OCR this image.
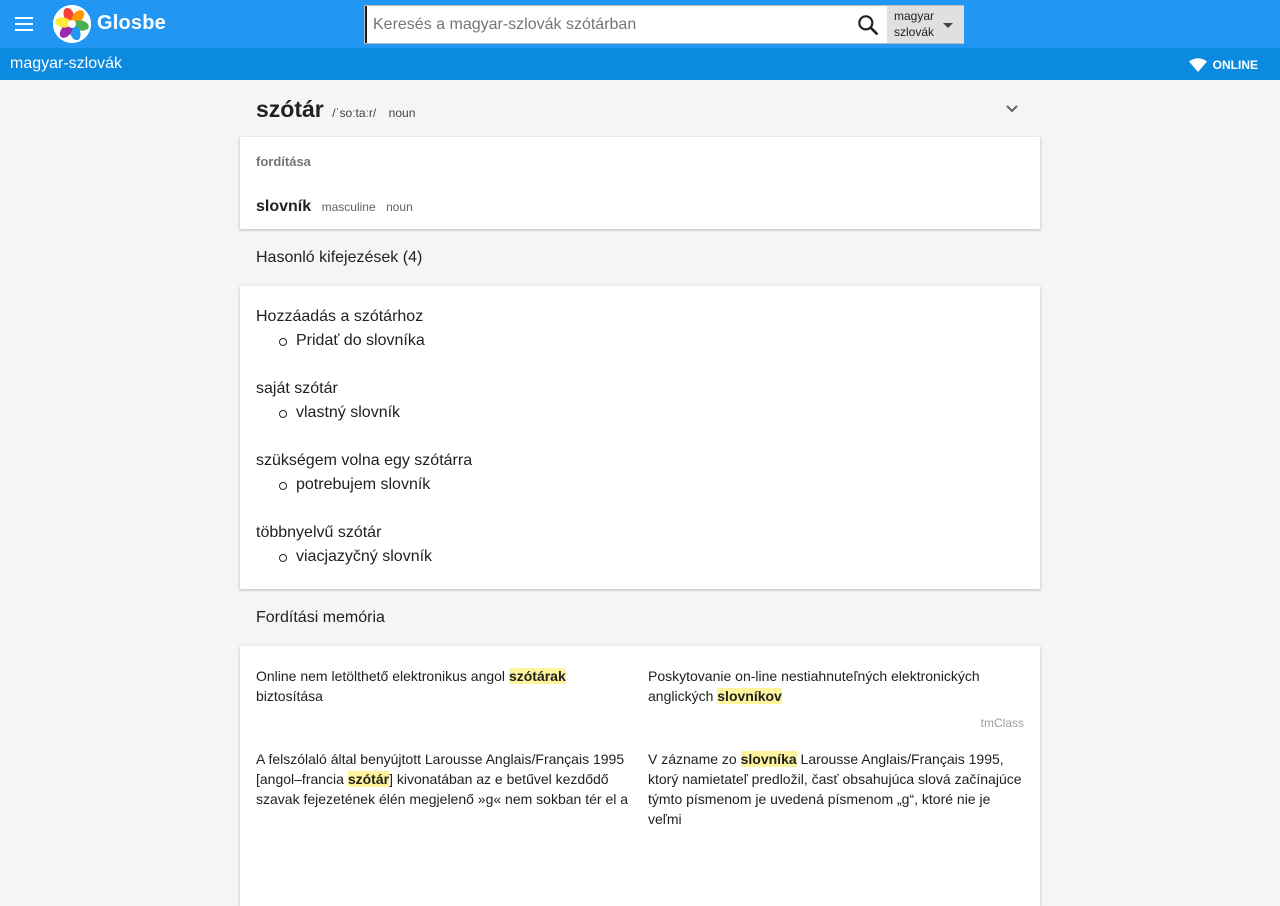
Glosbe
Keresés a magyar-szlovák szótárban	magyar
szlovák
magyar-szlovák	ONLINE
szótár /ˈsoːtaːr/ noun
fordítása
slovník masculine noun
Hasonló kifejezések (4)
Hozzáadás a szótárhoz
Pridať do slovníka
saját szótár
vlastný slovník
szükségem volna egy szótárra
potrebujem slovník
többnyelvű szótár
viacjazyčný slovník
Fordítási memória
Online nem letölthető elektronikus angol szótárak biztosítása
Poskytovanie on-line nestiahnuteľných elektronických anglických slovníkov
tmClass
A felszólaló által benyújtott Larousse Anglais/Français 1995 [angol–francia szótár] kivonatában az e betűvel kezdődő szavak fejezetének élén megjelenő »g« nem sokban tér el a
V zázname zo slovníka Larousse Anglais/Français 1995, ktorý namietateľ predložil, časť obsahujúca slová začínajúce týmto písmenom je uvedená písmenom „g“, ktoré nie je veľmi
